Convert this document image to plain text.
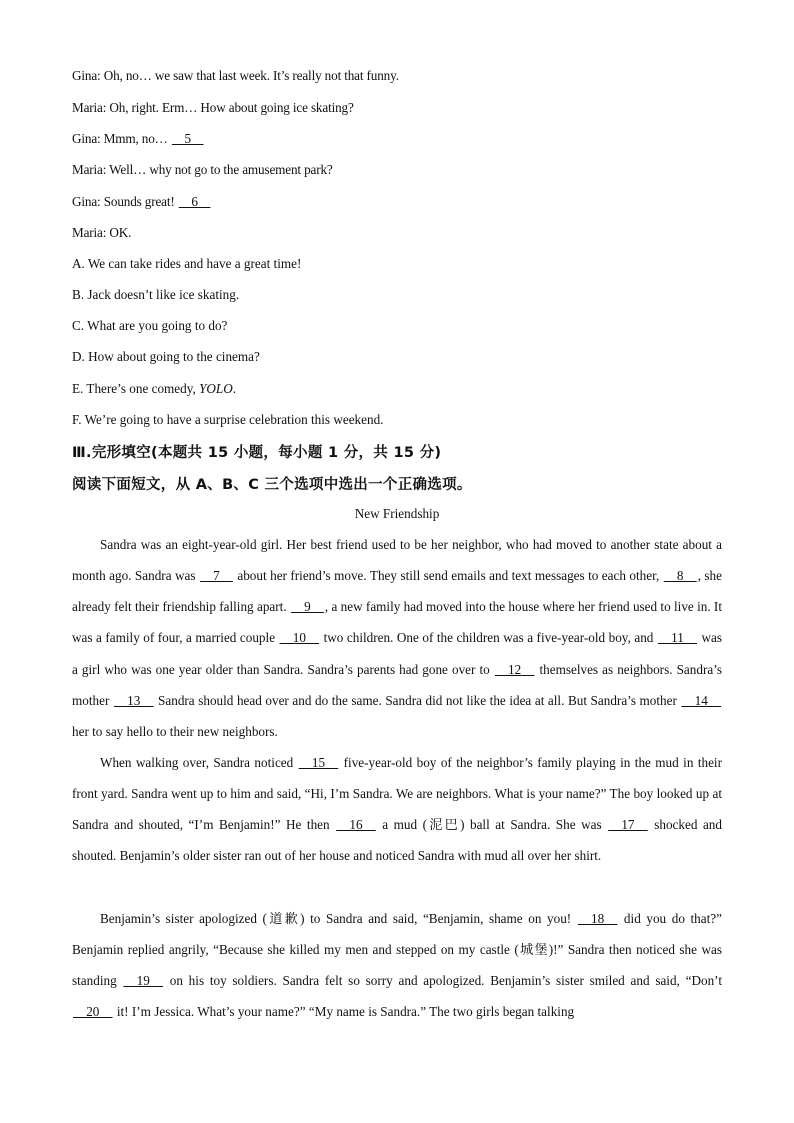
Gina: Oh, no… we saw that last week. It’s really not that funny.
Maria: Oh, right. Erm… How about going ice skating?
Gina: Mmm, no…     5
Maria: Well… why not go to the amusement park?
Gina: Sounds great!     6
Maria: OK.
A. We can take rides and have a great time!
B. Jack doesn’t like ice skating.
C. What are you going to do?
D. How about going to the cinema?
E. There’s one comedy, YOLO.
F. We’re going to have a surprise celebration this weekend.
Ⅲ.完形填空(本题共 15 小题，每小题 1 分，共 15 分)
阅读下面短文，从 A、B、C 三个选项中选出一个正确选项。
New Friendship

Sandra was an eight-year-old girl. Her best friend used to be her neighbor, who had moved to another state about a month ago. Sandra was     7     about her friend’s move. They still send emails and text messages to each other,     8    , she already felt their friendship falling apart.     9    , a new family had moved into the house where her friend used to live in. It was a family of four, a married couple     10     two children. One of the children was a five-year-old boy, and     11     was a girl who was one year older than Sandra. Sandra’s parents had gone over to     12     themselves as neighbors. Sandra’s mother     13     Sandra should head over and do the same. Sandra did not like the idea at all. But Sandra’s mother     14     her to say hello to their new neighbors.

When walking over, Sandra noticed     15     five-year-old boy of the neighbor’s family playing in the mud in their front yard. Sandra went up to him and said, “Hi, I’m Sandra. We are neighbors. What is your name?” The boy looked up at Sandra and shouted, “I’m Benjamin!” He then     16     a mud (泥巴) ball at Sandra. She was     17     shocked and shouted. Benjamin’s older sister ran out of her house and noticed Sandra with mud all over her shirt.

Benjamin’s sister apologized (道歉) to Sandra and said, “Benjamin, shame on you!     18     did you do that?” Benjamin replied angrily, “Because she killed my men and stepped on my castle (城堡)!” Sandra then noticed she was standing     19     on his toy soldiers. Sandra felt so sorry and apologized. Benjamin’s sister smiled and said, “Don’t     20     it! I’m Jessica. What’s your name?” “My name is Sandra.” The two girls began talking
